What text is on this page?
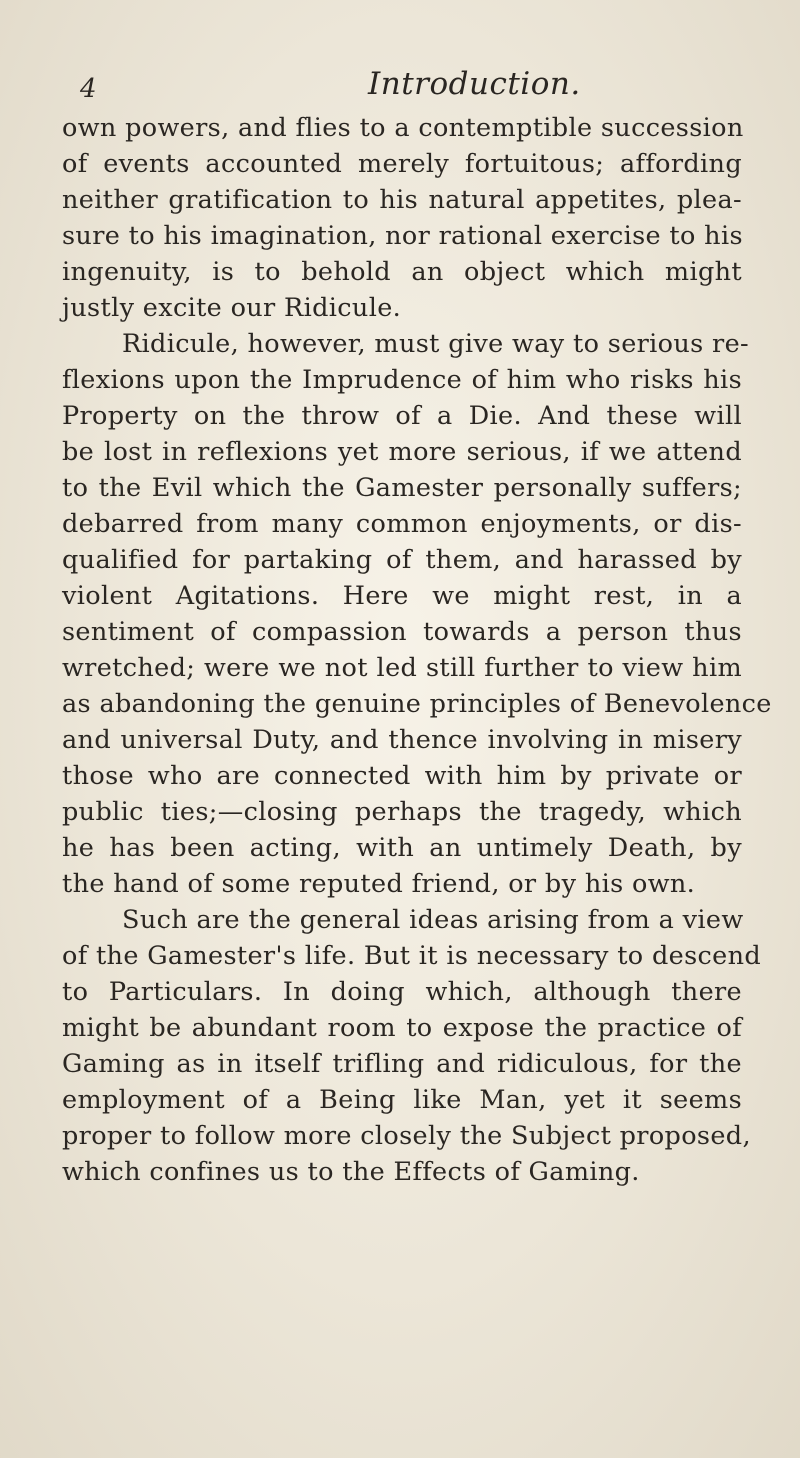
4	Introduction.
own powers, and flies to a contemptible succession
of events accounted merely fortuitous; affording
neither gratification to his natural appetites, plea-
sure to his imagination, nor rational exercise to his
ingenuity, is to behold an object which might
justly excite our Ridicule.
Ridicule, however, must give way to serious re-
flexions upon the Imprudence of him who risks his
Property on the throw of a Die. And these will
be lost in reflexions yet more serious, if we attend
to the Evil which the Gamester personally suffers;
debarred from many common enjoyments, or dis-
qualified for partaking of them, and harassed by
violent Agitations. Here we might rest, in a
sentiment of compassion towards a person thus
wretched; were we not led still further to view him
as abandoning the genuine principles of Benevolence
and universal Duty, and thence involving in misery
those who are connected with him by private or
public ties;—closing perhaps the tragedy, which
he has been acting, with an untimely Death, by
the hand of some reputed friend, or by his own.
Such are the general ideas arising from a view
of the Gamester's life. But it is necessary to descend
to Particulars. In doing which, although there
might be abundant room to expose the practice of
Gaming as in itself trifling and ridiculous, for the
employment of a Being like Man, yet it seems
proper to follow more closely the Subject proposed,
which confines us to the Effects of Gaming.
